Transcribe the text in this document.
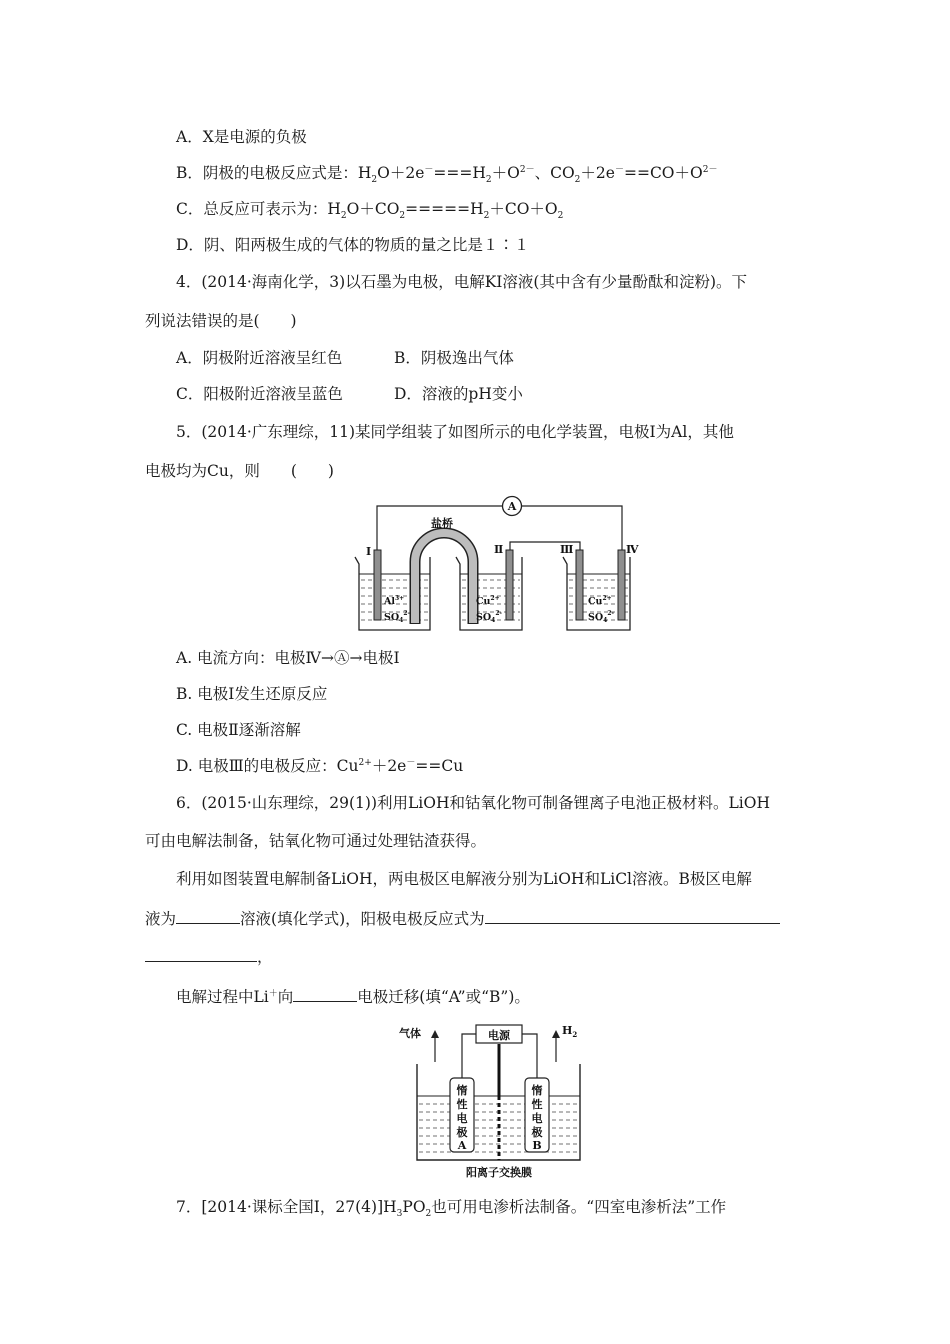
A．X是电源的负极
B．阴极的电极反应式是：$H_2O+2e^-===H_2+O^{2-}$、$CO_2+2e^-==CO+O^{2-}$
C．总反应可表示为：$H_2O+CO_2=====H_2+CO+O_2$
D．阴、阳两极生成的气体的物质的量之比是１∶１
4．(2014·海南化学，3)以石墨为电极，电解KI溶液(其中含有少量酚酞和淀粉)。下
列说法错误的是(　　)
A．阴极附近溶液呈红色	B．阴极逸出气体
C．阳极附近溶液呈蓝色	D．溶液的pH变小
5．(2014·广东理综，11)某同学组装了如图所示的电化学装置，电极Ⅰ为Al，其他
电极均为Cu，则　　(　　)
A
盐桥
Ⅰ	Ⅱ	Ⅲ	Ⅳ
$Al^{3+}$
$SO_4^{2-}$
$Cu^{2+}$
$SO_4^{2-}$
$Cu^{2+}$
$SO_4^{2-}$
A. 电流方向：电极Ⅳ→Ⓐ→电极Ⅰ
B. 电极Ⅰ发生还原反应
C. 电极Ⅱ逐渐溶解
D. 电极Ⅲ的电极反应：$Cu^{2+}+2e^-==Cu$
6．(2015·山东理综，29(1))利用LiOH和钴氧化物可制备锂离子电池正极材料。LiOH
可由电解法制备，钴氧化物可通过处理钴渣获得。
利用如图装置电解制备LiOH，两电极区电解液分别为LiOH和LiCl溶液。B极区电解
液为	溶液(填化学式)，阳极电极反应式为
，
电解过程中Li＋向	电极迁移(填“A”或“B”)。
电源
惰
性
电
极
A
惰
性
电
极
B
气体	$H_2$
阳离子交换膜
7．[2014·课标全国Ⅰ，$27(4)]H_3PO_2$也可用电渗析法制备。“四室电渗析法”工作
